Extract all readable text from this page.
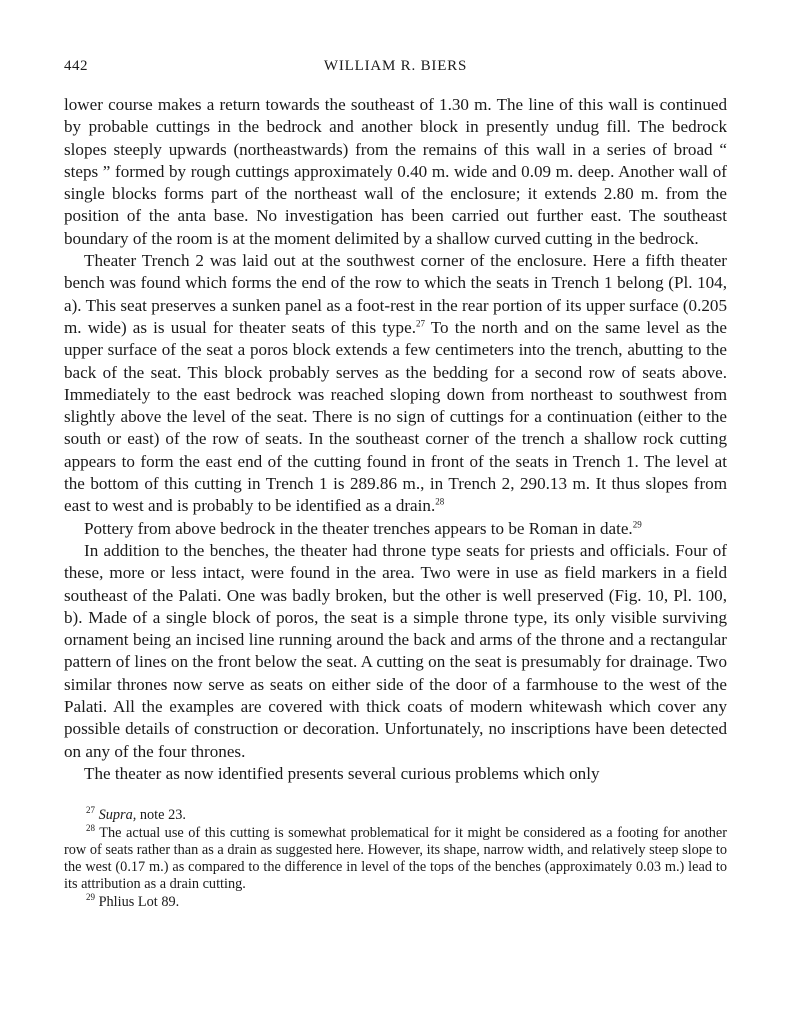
442	WILLIAM R. BIERS

lower course makes a return towards the southeast of 1.30 m. The line of this wall is continued by probable cuttings in the bedrock and another block in presently undug fill. The bedrock slopes steeply upwards (northeastwards) from the remains of this wall in a series of broad “ steps ” formed by rough cuttings approximately 0.40 m. wide and 0.09 m. deep. Another wall of single blocks forms part of the northeast wall of the enclosure; it extends 2.80 m. from the position of the anta base. No investigation has been carried out further east. The southeast boundary of the room is at the moment delimited by a shallow curved cutting in the bedrock.

Theater Trench 2 was laid out at the southwest corner of the enclosure. Here a fifth theater bench was found which forms the end of the row to which the seats in Trench 1 belong (Pl. 104, a). This seat preserves a sunken panel as a foot-rest in the rear portion of its upper surface (0.205 m. wide) as is usual for theater seats of this type.$^{27}$ To the north and on the same level as the upper surface of the seat a poros block extends a few centimeters into the trench, abutting to the back of the seat. This block probably serves as the bedding for a second row of seats above. Immediately to the east bedrock was reached sloping down from northeast to southwest from slightly above the level of the seat. There is no sign of cuttings for a continuation (either to the south or east) of the row of seats. In the southeast corner of the trench a shallow rock cutting appears to form the east end of the cutting found in front of the seats in Trench 1. The level at the bottom of this cutting in Trench 1 is 289.86 m., in Trench 2, 290.13 m. It thus slopes from east to west and is probably to be identified as a drain.$^{28}$

Pottery from above bedrock in the theater trenches appears to be Roman in date.$^{29}$

In addition to the benches, the theater had throne type seats for priests and officials. Four of these, more or less intact, were found in the area. Two were in use as field markers in a field southeast of the Palati. One was badly broken, but the other is well preserved (Fig. 10, Pl. 100, b). Made of a single block of poros, the seat is a simple throne type, its only visible surviving ornament being an incised line running around the back and arms of the throne and a rectangular pattern of lines on the front below the seat. A cutting on the seat is presumably for drainage. Two similar thrones now serve as seats on either side of the door of a farmhouse to the west of the Palati. All the examples are covered with thick coats of modern whitewash which cover any possible details of construction or decoration. Unfortunately, no inscriptions have been detected on any of the four thrones.

The theater as now identified presents several curious problems which only

$^{27}$ Supra, note 23.

$^{28}$ The actual use of this cutting is somewhat problematical for it might be considered as a footing for another row of seats rather than as a drain as suggested here. However, its shape, narrow width, and relatively steep slope to the west (0.17 m.) as compared to the difference in level of the tops of the benches (approximately 0.03 m.) lead to its attribution as a drain cutting.

$^{29}$ Phlius Lot 89.
